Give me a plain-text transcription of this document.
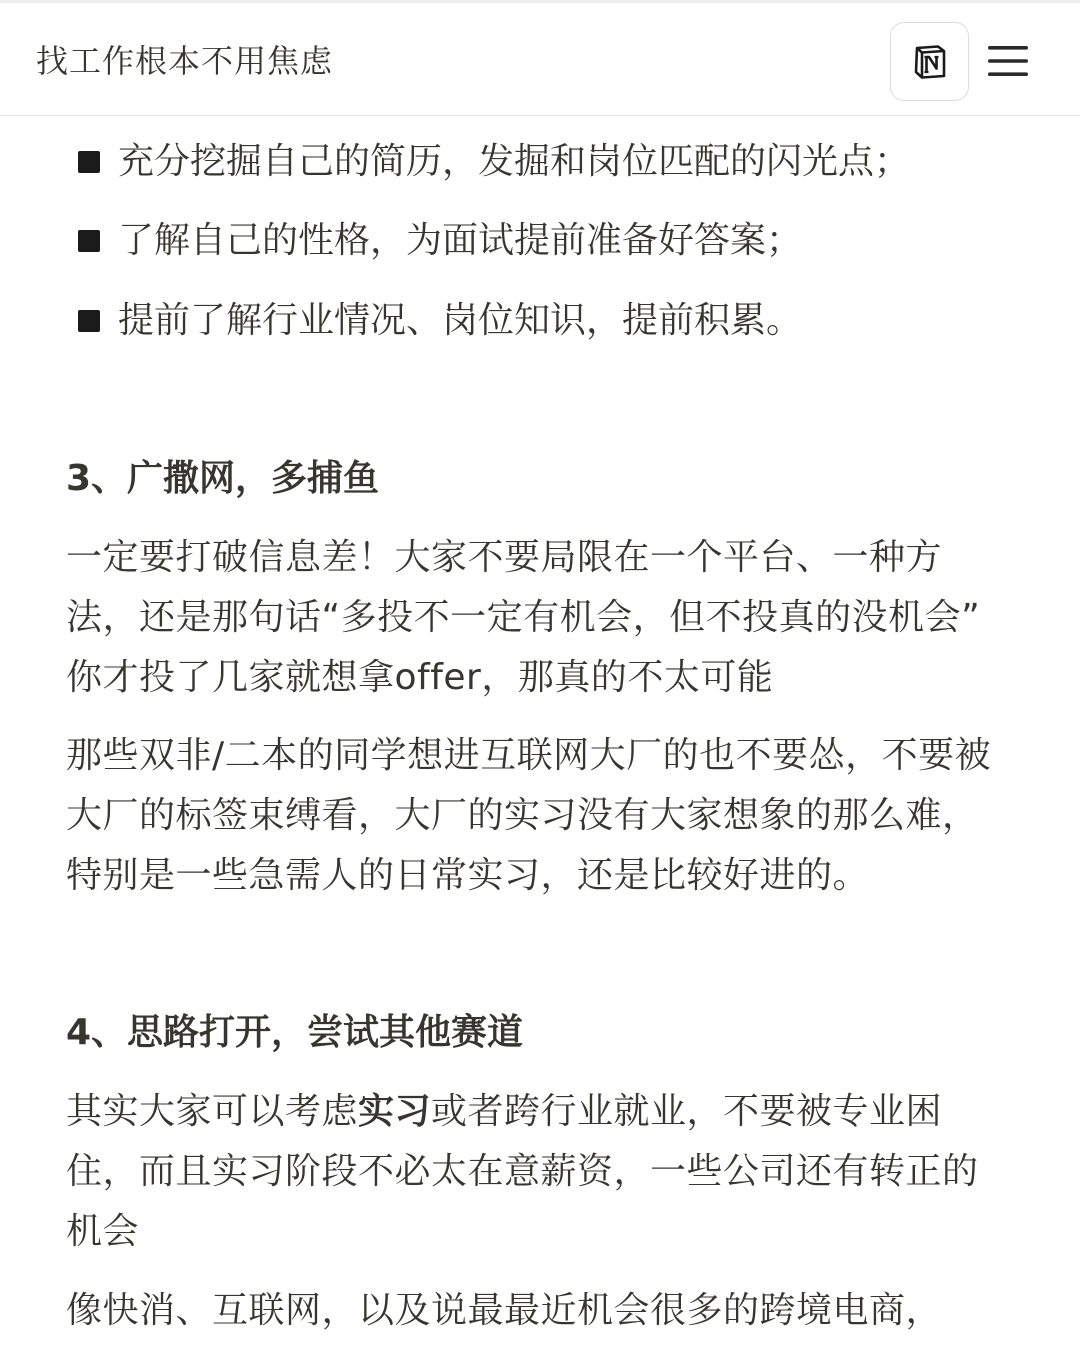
找工作根本不用焦虑
充分挖掘自己的简历，发掘和岗位匹配的闪光点；
了解自己的性格，为面试提前准备好答案；
提前了解行业情况、岗位知识，提前积累。
3、广撒网，多捕鱼
一定要打破信息差！大家不要局限在一个平台、一种方法，还是那句话“多投不一定有机会，但不投真的没机会” 你才投了几家就想拿offer，那真的不太可能
那些双非/二本的同学想进互联网大厂的也不要怂，不要被大厂的标签束缚看，大厂的实习没有大家想象的那么难，特别是一些急需人的日常实习，还是比较好进的。
4、思路打开，尝试其他赛道
其实大家可以考虑实习或者跨行业就业，不要被专业困住，而且实习阶段不必太在意薪资，一些公司还有转正的机会
像快消、互联网，以及说最最近机会很多的跨境电商，
